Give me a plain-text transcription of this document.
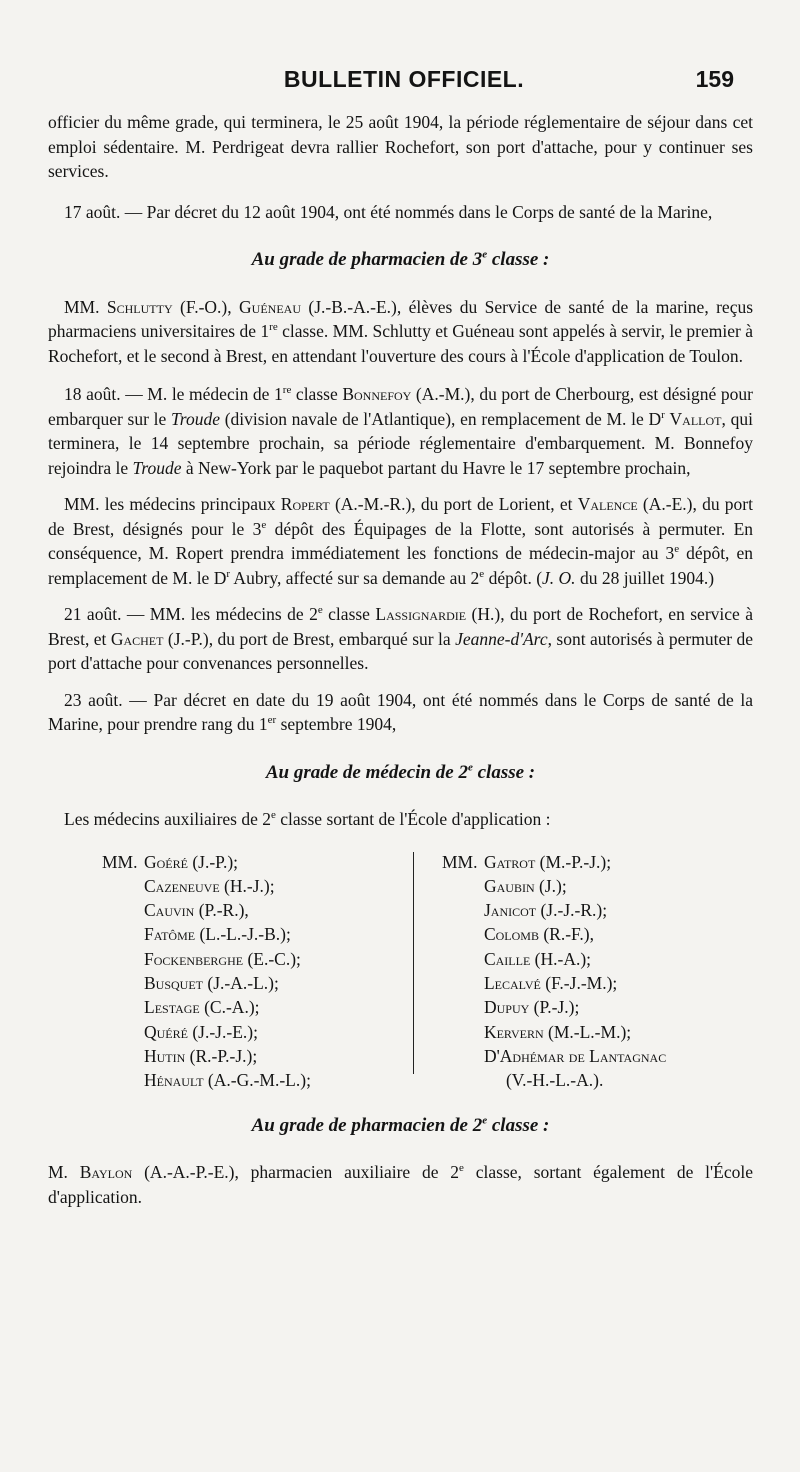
BULLETIN OFFICIEL.	159

officier du même grade, qui terminera, le 25 août 1904, la période réglementaire de séjour dans cet emploi sédentaire. M. Perdrigeat devra rallier Rochefort, son port d'attache, pour y continuer ses services.

17 août. — Par décret du 12 août 1904, ont été nommés dans le Corps de santé de la Marine,

Au grade de pharmacien de 3e classe :

MM. Schlutty (F.-O.), Guéneau (J.-B.-A.-E.), élèves du Service de santé de la marine, reçus pharmaciens universitaires de 1re classe. MM. Schlutty et Guéneau sont appelés à servir, le premier à Rochefort, et le second à Brest, en attendant l'ouverture des cours à l'École d'application de Toulon.

18 août. — M. le médecin de 1re classe Bonnefoy (A.-M.), du port de Cherbourg, est désigné pour embarquer sur le Troude (division navale de l'Atlantique), en remplacement de M. le $D^r$ Vallot, qui terminera, le 14 septembre prochain, sa période réglementaire d'embarquement. M. Bonnefoy rejoindra le Troude à New-York par le paquebot partant du Havre le 17 septembre prochain,

MM. les médecins principaux Ropert (A.-M.-R.), du port de Lorient, et Valence (A.-E.), du port de Brest, désignés pour le 3e dépôt des Équipages de la Flotte, sont autorisés à permuter. En conséquence, M. Ropert prendra immédiatement les fonctions de médecin-major au 3e dépôt, en remplacement de M. le $D^r$ Aubry, affecté sur sa demande au 2e dépôt. (J. O. du 28 juillet 1904.)

21 août. — MM. les médecins de 2e classe Lassignardie (H.), du port de Rochefort, en service à Brest, et Gachet (J.-P.), du port de Brest, embarqué sur la Jeanne-d'Arc, sont autorisés à permuter de port d'attache pour convenances personnelles.

23 août. — Par décret en date du 19 août 1904, ont été nommés dans le Corps de santé de la Marine, pour prendre rang du 1er septembre 1904,

Au grade de médecin de 2e classe :

Les médecins auxiliaires de 2e classe sortant de l'École d'application :

MM. Goéré (J.-P.);
Cazeneuve (H.-J.);
Cauvin (P.-R.),
Fatôme (L.-L.-J.-B.);
Fockenberghe (E.-C.);
Busquet (J.-A.-L.);
Lestage (C.-A.);
Quéré (J.-J.-E.);
Hutin (R.-P.-J.);
Hénault (A.-G.-M.-L.);
MM. Gatrot (M.-P.-J.);
Gaubin (J.);
Janicot (J.-J.-R.);
Colomb (R.-F.),
Caille (H.-A.);
Lecalvé (F.-J.-M.);
Dupuy (P.-J.);
Kervern (M.-L.-M.);
D'Adhémar de Lantagnac
(V.-H.-L.-A.).
Au grade de pharmacien de 2e classe :

M. Baylon (A.-A.-P.-E.), pharmacien auxiliaire de 2e classe, sortant également de l'École d'application.
